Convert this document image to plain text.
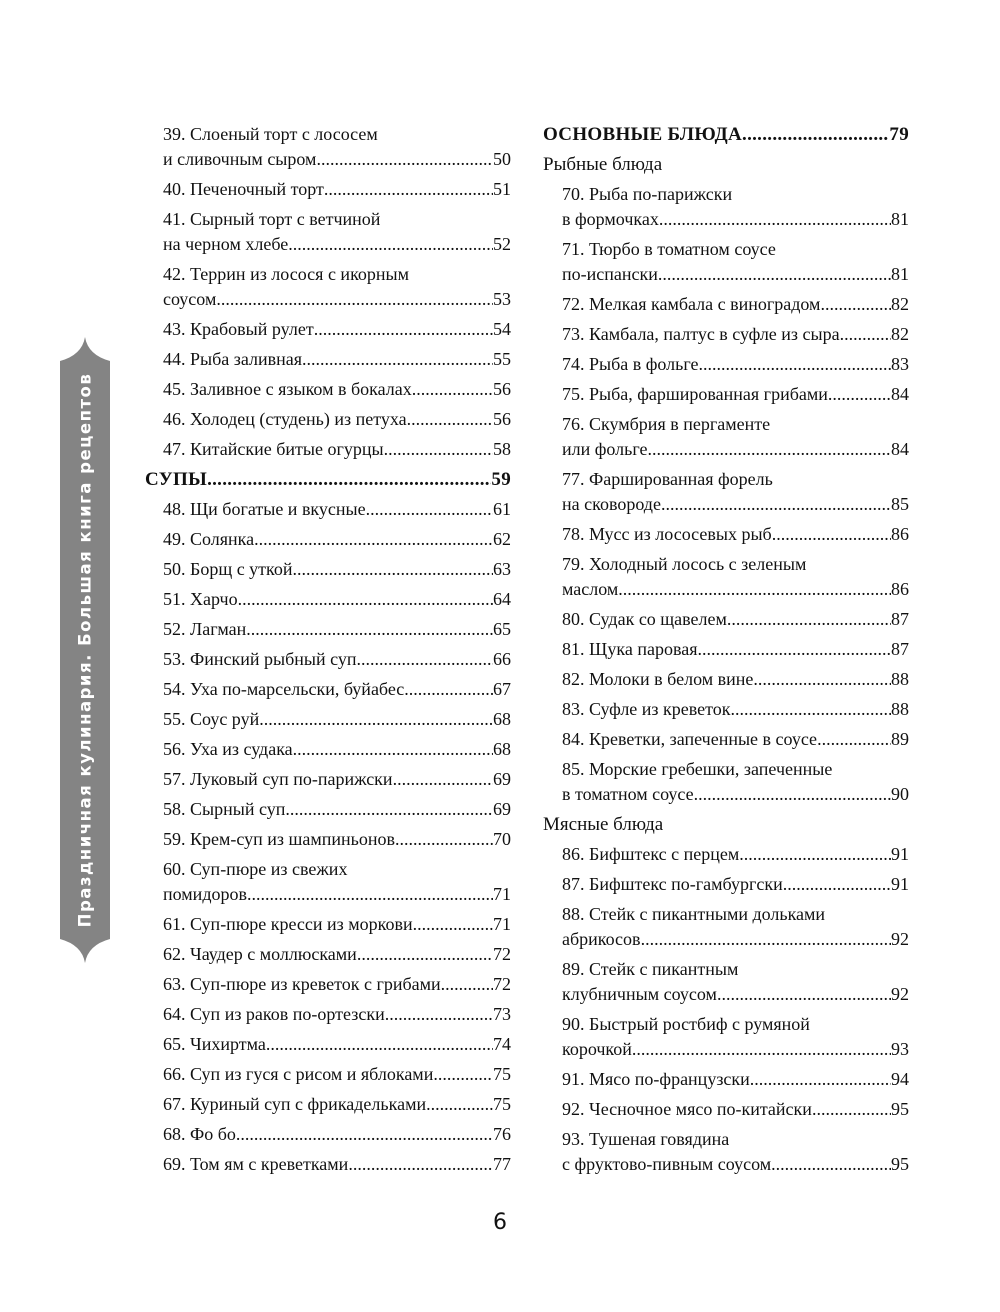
Праздничная кулинария. Большая книга рецептов
39. Слоеный торт с лососем
и сливочным сыром .....	50
40. Печеночный торт .....	51
41. Сырный торт с ветчиной
на черном хлебе .....	52
42. Террин из лосося с икорным
соусом .....	53
43. Крабовый рулет .....	54
44. Рыба заливная .....	55
45. Заливное с языком в бокалах .....	56
46. Холодец (студень) из петуха .....	56
47. Китайские битые огурцы .....	58
СУПЫ .....	59
48. Щи богатые и вкусные .....	61
49. Солянка .....	62
50. Борщ с уткой .....	63
51. Харчо .....	64
52. Лагман .....	65
53. Финский рыбный суп .....	66
54. Уха по-марсельски, буйабес .....	67
55. Соус руй .....	68
56. Уха из судака .....	68
57. Луковый суп по-парижски .....	69
58. Сырный суп .....	69
59. Крем-суп из шампиньонов .....	70
60. Суп-пюре из свежих
помидоров .....	71
61. Суп-пюре кресси из моркови .....	71
62. Чаудер с моллюсками .....	72
63. Суп-пюре из креветок с грибами .....	72
64. Суп из раков по-ортезски .....	73
65. Чихиртма .....	74
66. Суп из гуся с рисом и яблоками .....	75
67. Куриный суп с фрикадельками .....	75
68. Фо бо .....	76
69. Том ям с креветками .....	77
ОСНОВНЫЕ БЛЮДА .....	79
Рыбные блюда
70. Рыба по-парижски
в формочках .....	81
71. Тюрбо в томатном соусе
по-испански .....	81
72. Мелкая камбала с виноградом .....	82
73. Камбала, палтус в суфле из сыра .....	82
74. Рыба в фольге .....	83
75. Рыба, фаршированная грибами .....	84
76. Скумбрия в пергаменте
или фольге .....	84
77. Фаршированная форель
на сковороде .....	85
78. Мусс из лососевых рыб .....	86
79. Холодный лосось с зеленым
маслом .....	86
80. Судак со щавелем .....	87
81. Щука паровая .....	87
82. Молоки в белом вине .....	88
83. Суфле из креветок .....	88
84. Креветки, запеченные в соусе .....	89
85. Морские гребешки, запеченные
в томатном соусе .....	90
Мясные блюда
86. Бифштекс с перцем .....	91
87. Бифштекс по-гамбургски .....	91
88. Стейк с пикантными дольками
абрикосов .....	92
89. Стейк с пикантным
клубничным соусом .....	92
90. Быстрый ростбиф с румяной
корочкой .....	93
91. Мясо по-французски .....	94
92. Чесночное мясо по-китайски .....	95
93. Тушеная говядина
с фруктово-пивным соусом .....	95
6
